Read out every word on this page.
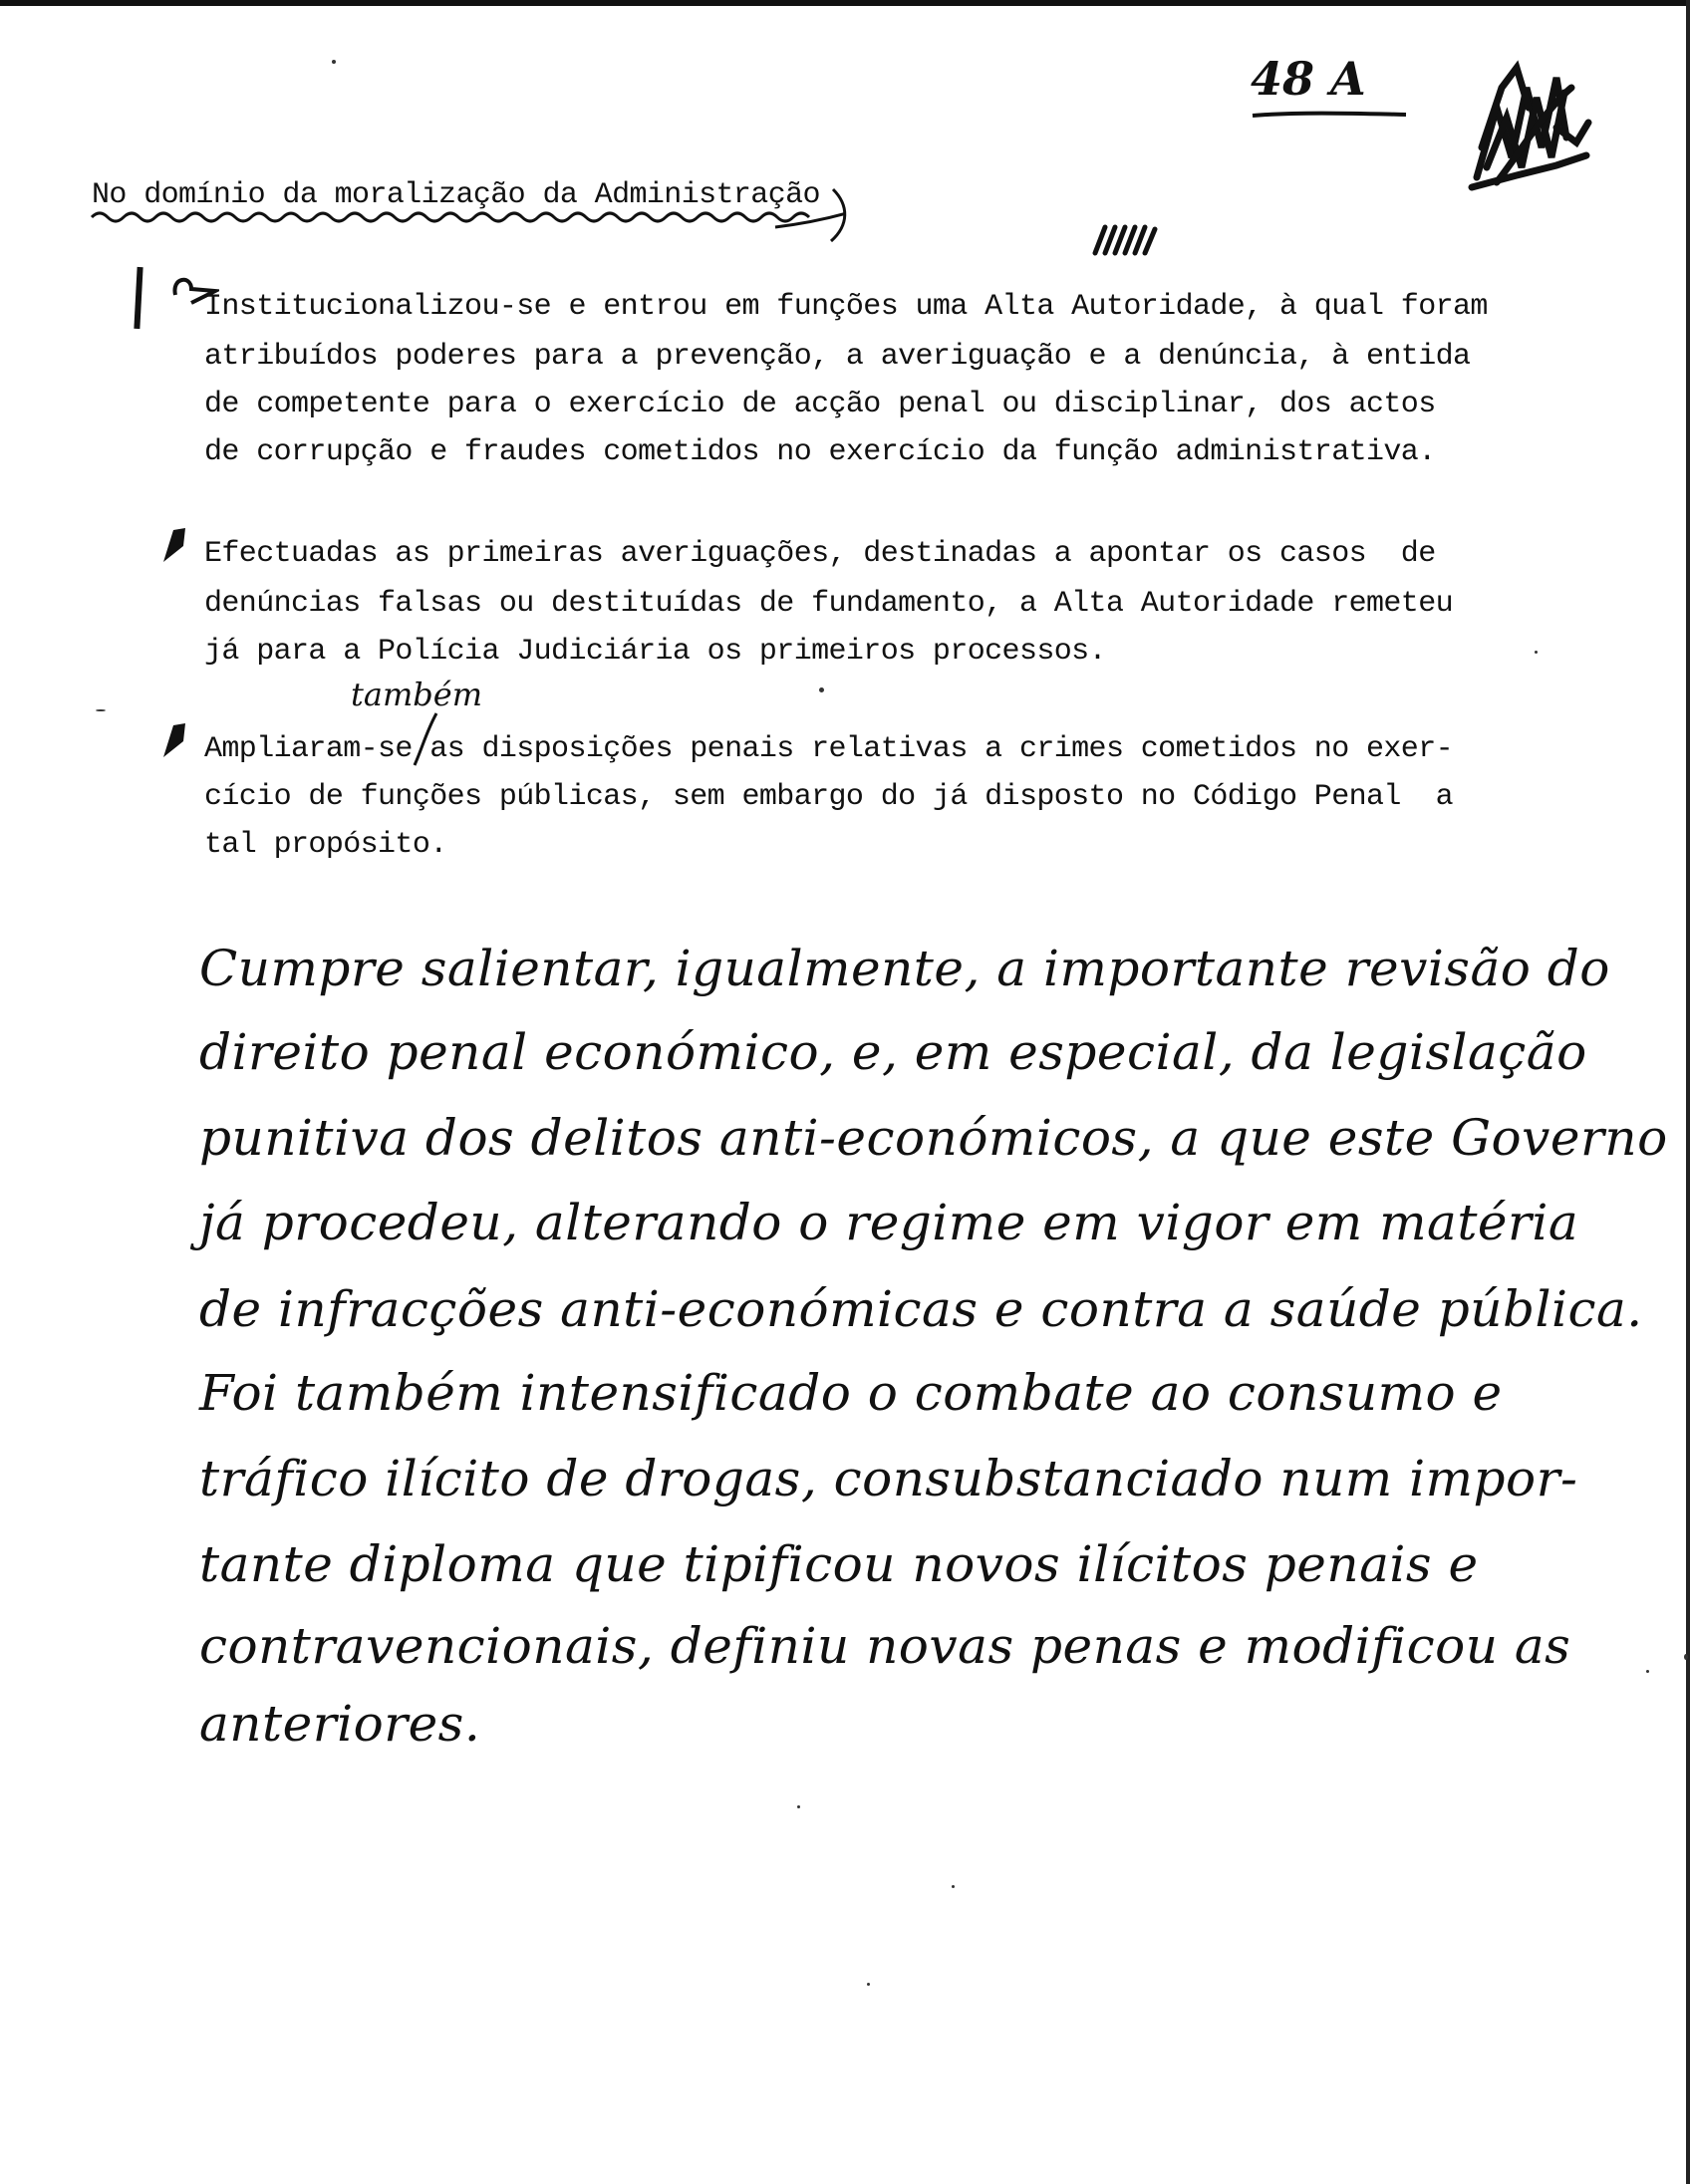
48 A
No domínio da moralização da Administração
Institucionalizou-se e entrou em funções uma Alta Autoridade, à qual foram
atribuídos poderes para a prevenção, a averiguação e a denúncia, à entida
de competente para o exercício de acção penal ou disciplinar, dos actos
de corrupção e fraudes cometidos no exercício da função administrativa.
Efectuadas as primeiras averiguações, destinadas a apontar os casos  de
denúncias falsas ou destituídas de fundamento, a Alta Autoridade remeteu
já para a Polícia Judiciária os primeiros processos.
também
Ampliaram-se as disposições penais relativas a crimes cometidos no exer-
cício de funções públicas, sem embargo do já disposto no Código Penal  a
tal propósito.
Cumpre salientar, igualmente, a importante revisão do
direito penal económico, e, em especial, da legislação
punitiva dos delitos anti-económicos, a que este Governo
já procedeu, alterando o regime em vigor em matéria
de infracções anti-económicas e contra a saúde pública.
Foi também intensificado o combate ao consumo e
tráfico ilícito de drogas, consubstanciado num impor-
tante diploma que tipificou novos ilícitos penais e
contravencionais, definiu novas penas e modificou as
anteriores.
